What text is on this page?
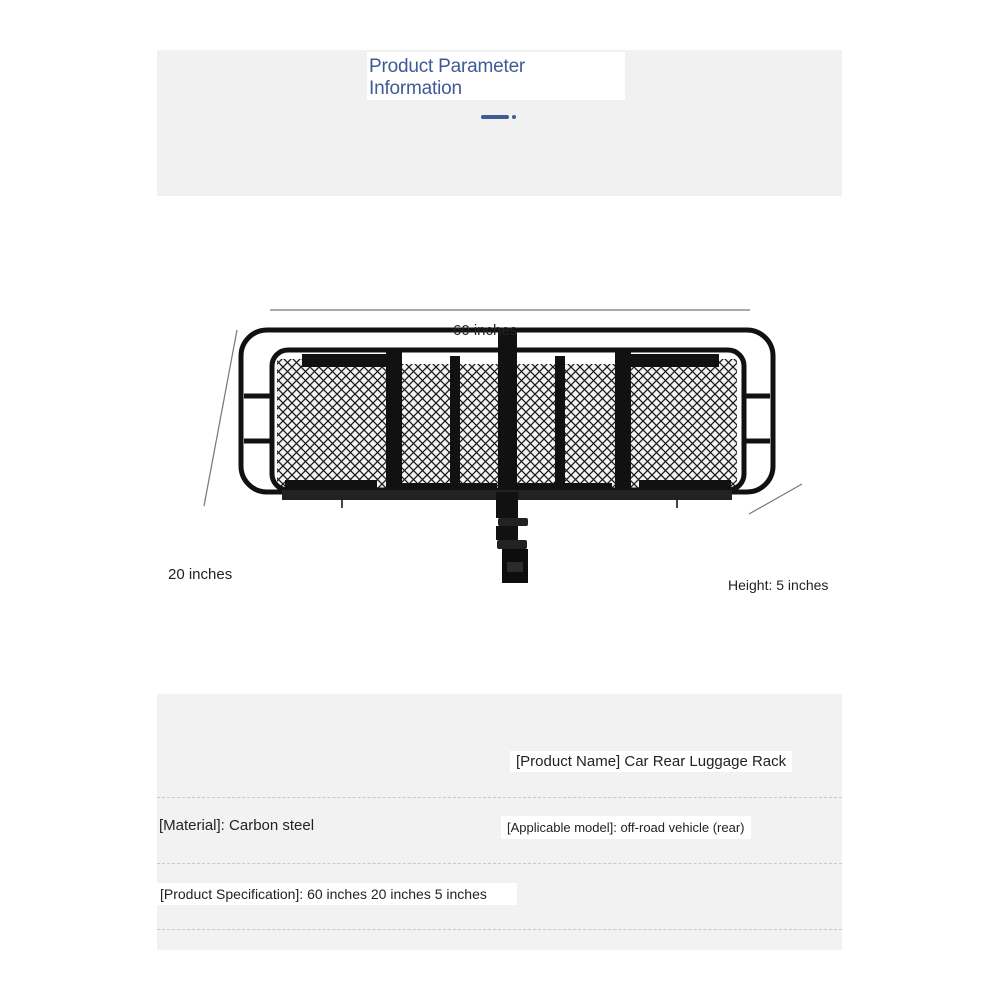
Product Parameter
Information
60 inches
20 inches
Height: 5 inches
[Product Name] Car Rear Luggage Rack
[Material]: Carbon steel	[Applicable model]: off-road vehicle (rear)
[Product Specification]: 60 inches 20 inches 5 inches
